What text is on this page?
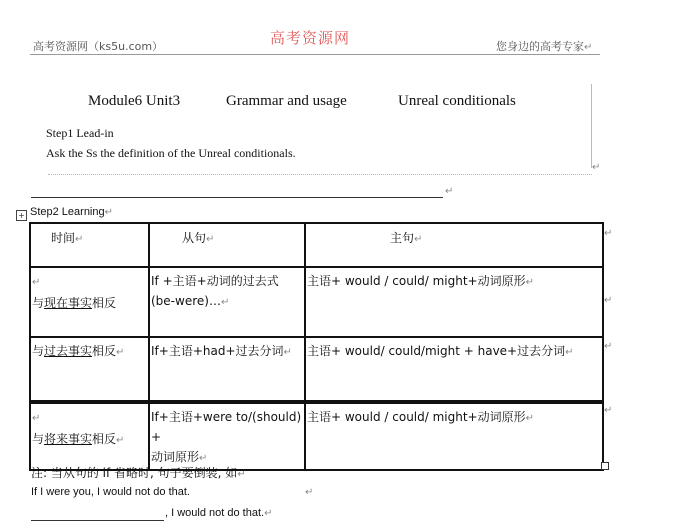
高考资源网（ks5u.com）	高考资源网	您身边的高考专家↵
↵
Module6 Unit3	Grammar and usage	Unreal conditionals
Step1 Lead-in
Ask the Ss the definition of the Unreal conditionals.
↵
+ Step2 Learning↵
时间↵	从句↵	主句↵

↵
与现在事实相反	If +主语+动词的过去式
(be-were)…↵	主语+ would / could/ might+动词原形↵

与过去事实相反↵	If+主语+had+过去分词↵	主语+ would/ could/might + have+过去分词↵

↵
与将来事实相反↵	If+主语+were to/(should) +
动词原形↵	主语+ would / could/ might+动词原形↵
↵
↵
↵
↵
注: 当从句的 if 省略时, 句子要倒装, 如↵
If I were you, I would not do that.	↵
, I would not do that.↵
